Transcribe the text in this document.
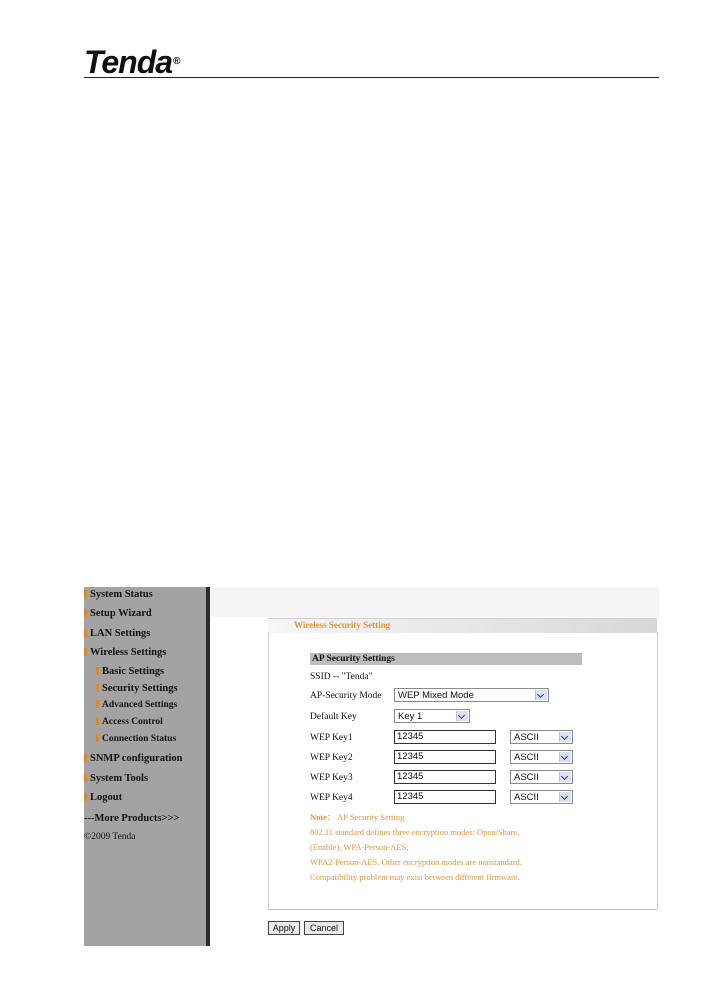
Tenda®
System Status
Setup Wizard
LAN Settings
Wireless Settings
Basic Settings
Security Settings
Advanced Settings
Access Control
Connection Status
SNMP configuration
System Tools
Logout
---More Products>>>
©2009 Tenda
Wireless Security Setting
AP Security Settings
SSID -- "Tenda"
AP-Security Mode	WEP Mixed Mode
Default Key	Key 1
WEP Key1	12345	ASCII
WEP Key2	12345	ASCII
WEP Key3	12345	ASCII
WEP Key4	12345	ASCII
Note： AP Security Setting
802.11 standard defines three encryption modes: Open/Share,
(Enable), WPA-Person-AES,
WPA2-Person-AES. Other encryption modes are nonstandard.
Compatibility problem may exist between different firmware.
Apply	Cancel
